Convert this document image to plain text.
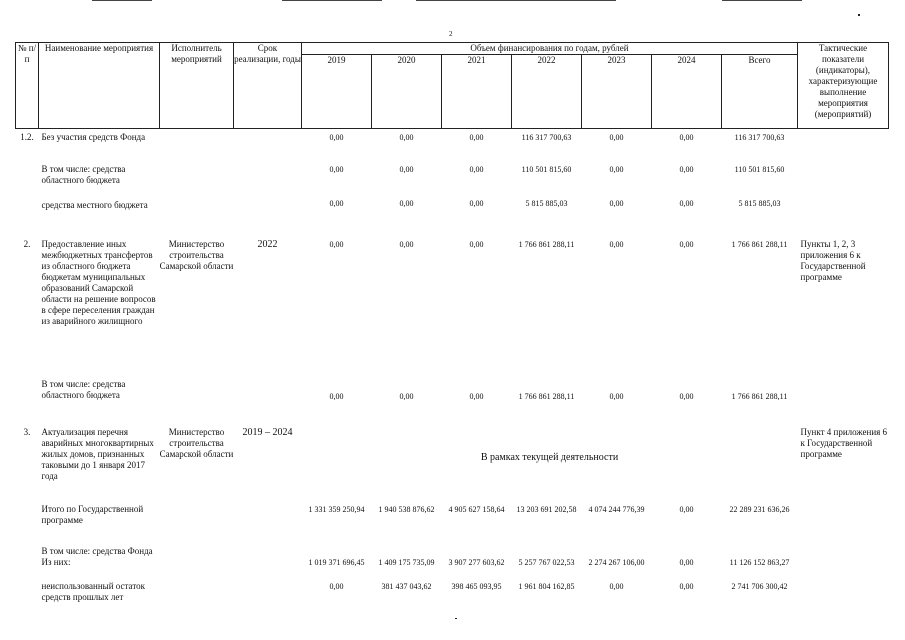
2
№ п/п	Наименование мероприятия	Исполнитель мероприятий	Срок реализации, годы	Объем финансирования по годам, рублей							Тактические показатели (индикаторы), характеризующие выполнение мероприятия (мероприятий)
				2019	2020	2021	2022	2023	2024	Всего	
1.2.	Без участия средств Фонда			0,00	0,00	0,00	116 317 700,63	0,00	0,00	116 317 700,63	
	В том числе: средства областного бюджета			0,00	0,00	0,00	110 501 815,60	0,00	0,00	110 501 815,60	
	средства местного бюджета			0,00	0,00	0,00	5 815 885,03	0,00	0,00	5 815 885,03	
2.	Предоставление иных межбюджетных трансфертов из областного бюджета бюджетам муниципальных образований Самарской области на решение вопросов в сфере переселения граждан из аварийного жилищного	Министерство строительства Самарской области	2022	0,00	0,00	0,00	1 766 861 288,11	0,00	0,00	1 766 861 288,11	Пункты 1, 2, 3 приложения 6 к Государственной программе
	В том числе: средства областного бюджета			0,00	0,00	0,00	1 766 861 288,11	0,00	0,00	1 766 861 288,11	
3.	Актуализация перечня аварийных многоквартирных жилых домов, признанных таковыми до 1 января 2017 года	Министерство строительства Самарской области	2019 – 2024	В рамках текущей деятельности							Пункт 4 приложения 6 к Государственной программе
	Итого по Государственной программе			1 331 359 250,94	1 940 538 876,62	4 905 627 158,64	13 203 691 202,58	4 074 244 776,39	0,00	22 289 231 636,26	
	В том числе: средства Фонда Из них:			1 019 371 696,45	1 409 175 735,09	3 907 277 603,62	5 257 767 022,53	2 274 267 106,00	0,00	11 126 152 863,27	
	неиспользованный остаток средств прошлых лет			0,00	381 437 043,62	398 465 093,95	1 961 804 162,85	0,00	0,00	2 741 706 300,42	
